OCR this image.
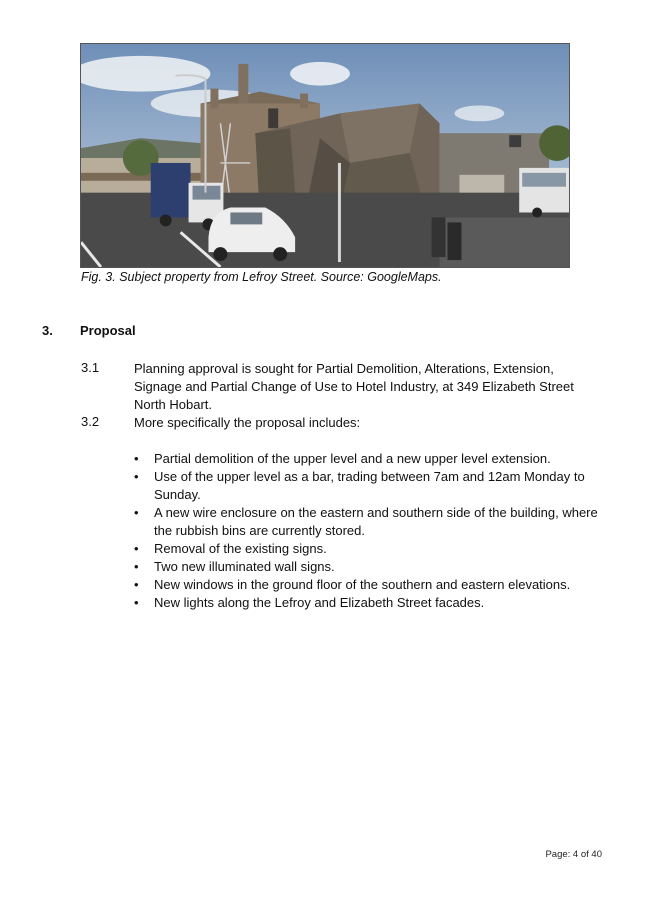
Fig. 3. Subject property from Lefroy Street. Source: GoogleMaps.
3. Proposal
3.1	Planning approval is sought for Partial Demolition, Alterations, Extension, Signage and Partial Change of Use to Hotel Industry, at 349 Elizabeth Street North Hobart.
3.2	More specifically the proposal includes:
• Partial demolition of the upper level and a new upper level extension.
• Use of the upper level as a bar, trading between 7am and 12am Monday to Sunday.
• A new wire enclosure on the eastern and southern side of the building, where the rubbish bins are currently stored.
• Removal of the existing signs.
• Two new illuminated wall signs.
• New windows in the ground floor of the southern and eastern elevations.
• New lights along the Lefroy and Elizabeth Street facades.
Page: 4 of 40
